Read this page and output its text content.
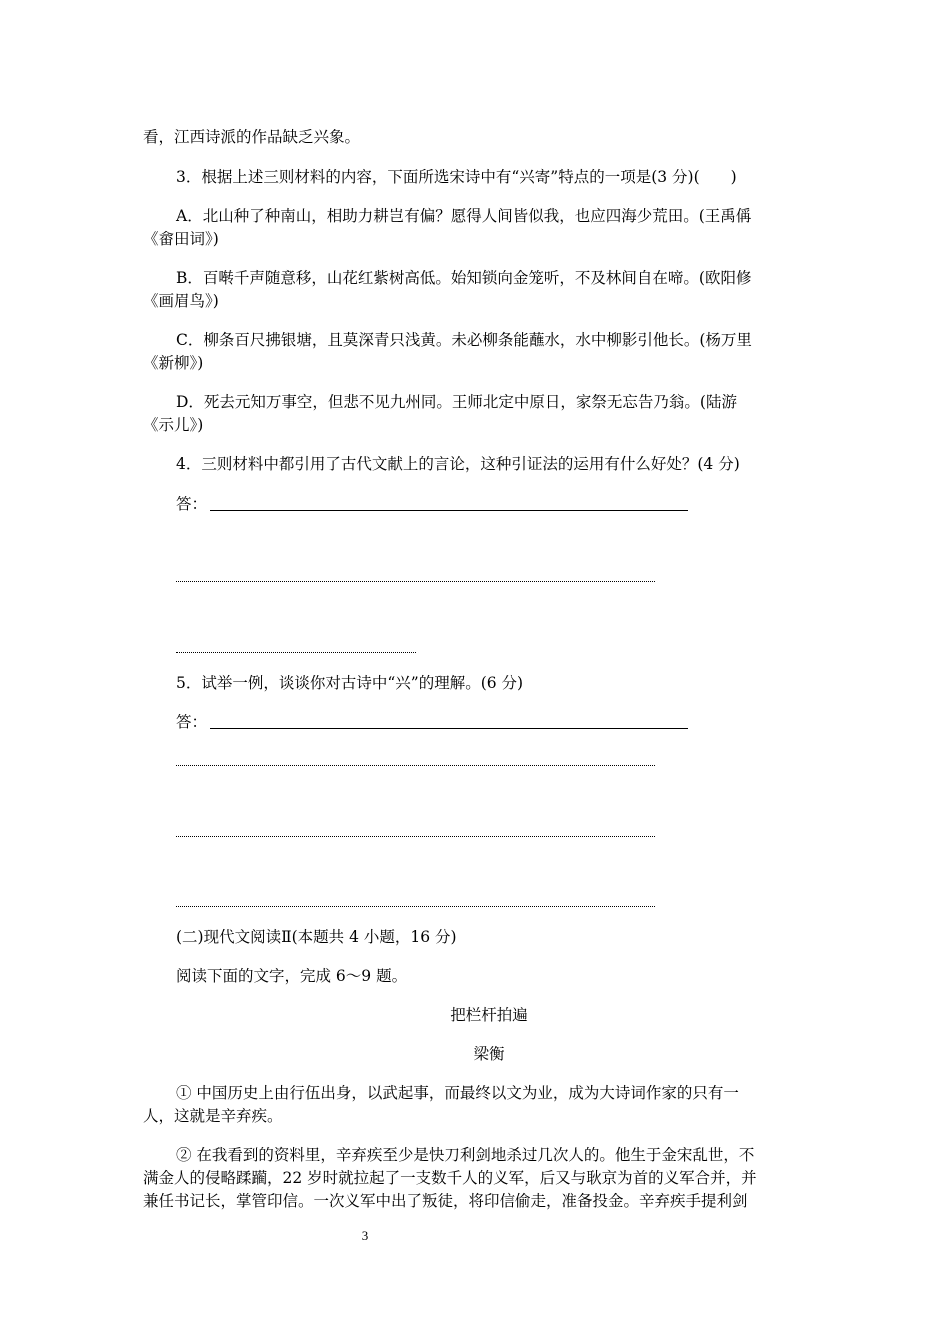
看，江西诗派的作品缺乏兴象。
3．根据上述三则材料的内容，下面所选宋诗中有“兴寄”特点的一项是(3 分)(　　)
A．北山种了种南山，相助力耕岂有偏？愿得人间皆似我，也应四海少荒田。(王禹偁
《畲田词》)
B．百啭千声随意移，山花红紫树高低。始知锁向金笼听，不及林间自在啼。(欧阳修
《画眉鸟》)
C．柳条百尺拂银塘，且莫深青只浅黄。未必柳条能蘸水，水中柳影引他长。(杨万里
《新柳》)
D．死去元知万事空，但悲不见九州同。王师北定中原日，家祭无忘告乃翁。(陆游
《示儿》)
4．三则材料中都引用了古代文献上的言论，这种引证法的运用有什么好处？(4 分)
答：
5．试举一例，谈谈你对古诗中“兴”的理解。(6 分)
答：
(二)现代文阅读Ⅱ(本题共 4 小题，16 分)
阅读下面的文字，完成 6～9 题。
把栏杆拍遍
梁衡
① 中国历史上由行伍出身，以武起事，而最终以文为业，成为大诗词作家的只有一
人，这就是辛弃疾。
② 在我看到的资料里，辛弃疾至少是快刀利剑地杀过几次人的。他生于金宋乱世，不
满金人的侵略蹂躏，22 岁时就拉起了一支数千人的义军，后又与耿京为首的义军合并，并
兼任书记长，掌管印信。一次义军中出了叛徒，将印信偷走，准备投金。辛弃疾手提利剑
3
